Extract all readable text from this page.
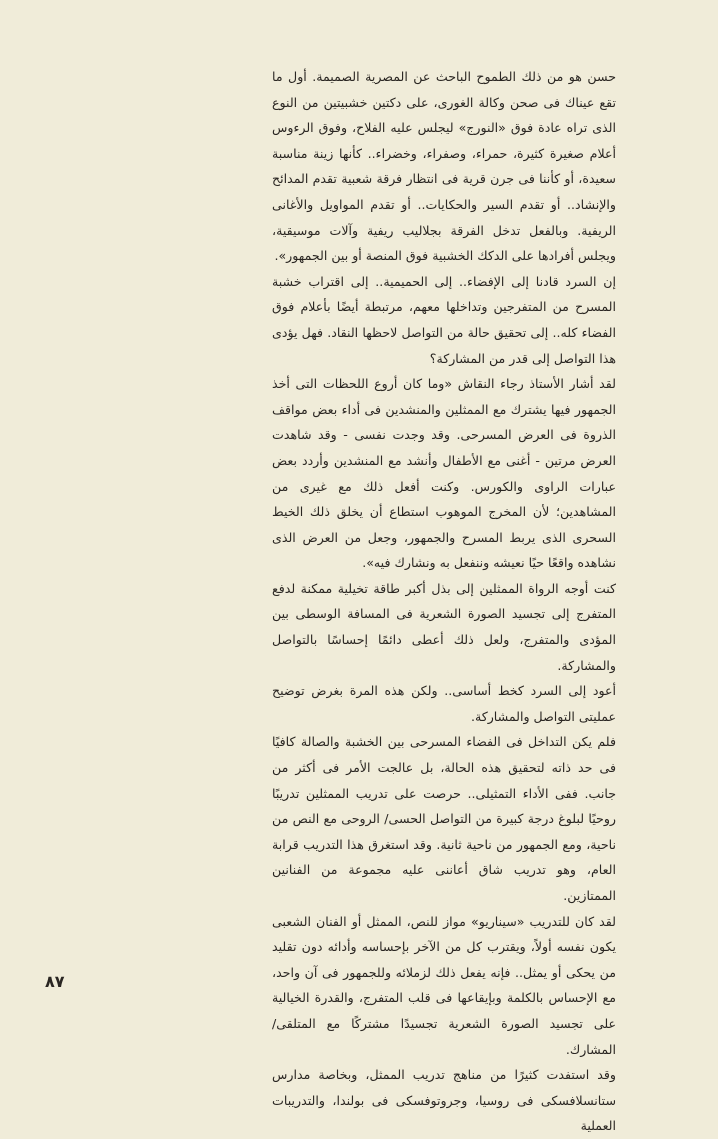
حسن هو من ذلك الطموح الباحث عن المصرية الصميمة. أول ما تقع عيناك فى صحن وكالة الغورى، على دكتين خشبيتين من النوع الذى تراه عادة فوق «النورج» ليجلس عليه الفلاح، وفوق الرءوس أعلام صغيرة كثيرة، حمراء، وصفراء، وخضراء.. كأنها زينة مناسبة سعيدة، أو كأننا فى جرن قرية فى انتظار فرقة شعبية تقدم المدائح والإنشاد.. أو تقدم السير والحكايات.. أو تقدم المواويل والأغانى الريفية. وبالفعل تدخل الفرقة بجلاليب ريفية وآلات موسيقية، ويجلس أفرادها على الدكك الخشبية فوق المنصة أو بين الجمهور».

إن السرد قادنا إلى الإفضاء.. إلى الحميمية.. إلى اقتراب خشبة المسرح من المتفرجين وتداخلها معهم، مرتبطة أيضًا بأعلام فوق الفضاء كله.. إلى تحقيق حالة من التواصل لاحظها النقاد. فهل يؤدى هذا التواصل إلى قدر من المشاركة؟

لقد أشار الأستاذ رجاء النقاش «وما كان أروع اللحظات التى أخذ الجمهور فيها يشترك مع الممثلين والمنشدين فى أداء بعض مواقف الذروة فى العرض المسرحى. وقد وجدت نفسى - وقد شاهدت العرض مرتين - أغنى مع الأطفال وأنشد مع المنشدين وأردد بعض عبارات الراوى والكورس. وكنت أفعل ذلك مع غيرى من المشاهدين؛ لأن المخرج الموهوب استطاع أن يخلق ذلك الخيط السحرى الذى يربط المسرح والجمهور، وجعل من العرض الذى نشاهده واقعًا حيًا نعيشه وننفعل به ونشارك فيه».

كنت أوجه الرواة الممثلين إلى بذل أكبر طاقة تخيلية ممكنة لدفع المتفرج إلى تجسيد الصورة الشعرية فى المسافة الوسطى بين المؤدى والمتفرج، ولعل ذلك أعطى دائمًا إحساسًا بالتواصل والمشاركة.

أعود إلى السرد كخط أساسى.. ولكن هذه المرة بغرض توضيح عمليتى التواصل والمشاركة.

فلم يكن التداخل فى الفضاء المسرحى بين الخشبة والصالة كافيًا فى حد ذاته لتحقيق هذه الحالة، بل عالجت الأمر فى أكثر من جانب. ففى الأداء التمثيلى.. حرصت على تدريب الممثلين تدريبًا روحيًا لبلوغ درجة كبيرة من التواصل الحسى/ الروحى مع النص من ناحية، ومع الجمهور من ناحية ثانية. وقد استغرق هذا التدريب قرابة العام، وهو تدريب شاق أعاننى عليه مجموعة من الفنانين الممتازين.

لقد كان للتدريب «سيناريو» مواز للنص، الممثل أو الفنان الشعبى يكون نفسه أولاً، ويقترب كل من الآخر بإحساسه وأدائه دون تقليد من يحكى أو يمثل.. فإنه يفعل ذلك لزملائه وللجمهور فى آن واحد، مع الإحساس بالكلمة وبإيقاعها فى قلب المتفرج، والقدرة الخيالية على تجسيد الصورة الشعرية تجسيدًا مشتركًا مع المتلقى/ المشارك.

وقد استفدت كثيرًا من مناهج تدريب الممثل، وبخاصة مدارس ستانسلافسكى فى روسيا، وجروتوفسكى فى بولندا، والتدريبات العملية

٨٧
